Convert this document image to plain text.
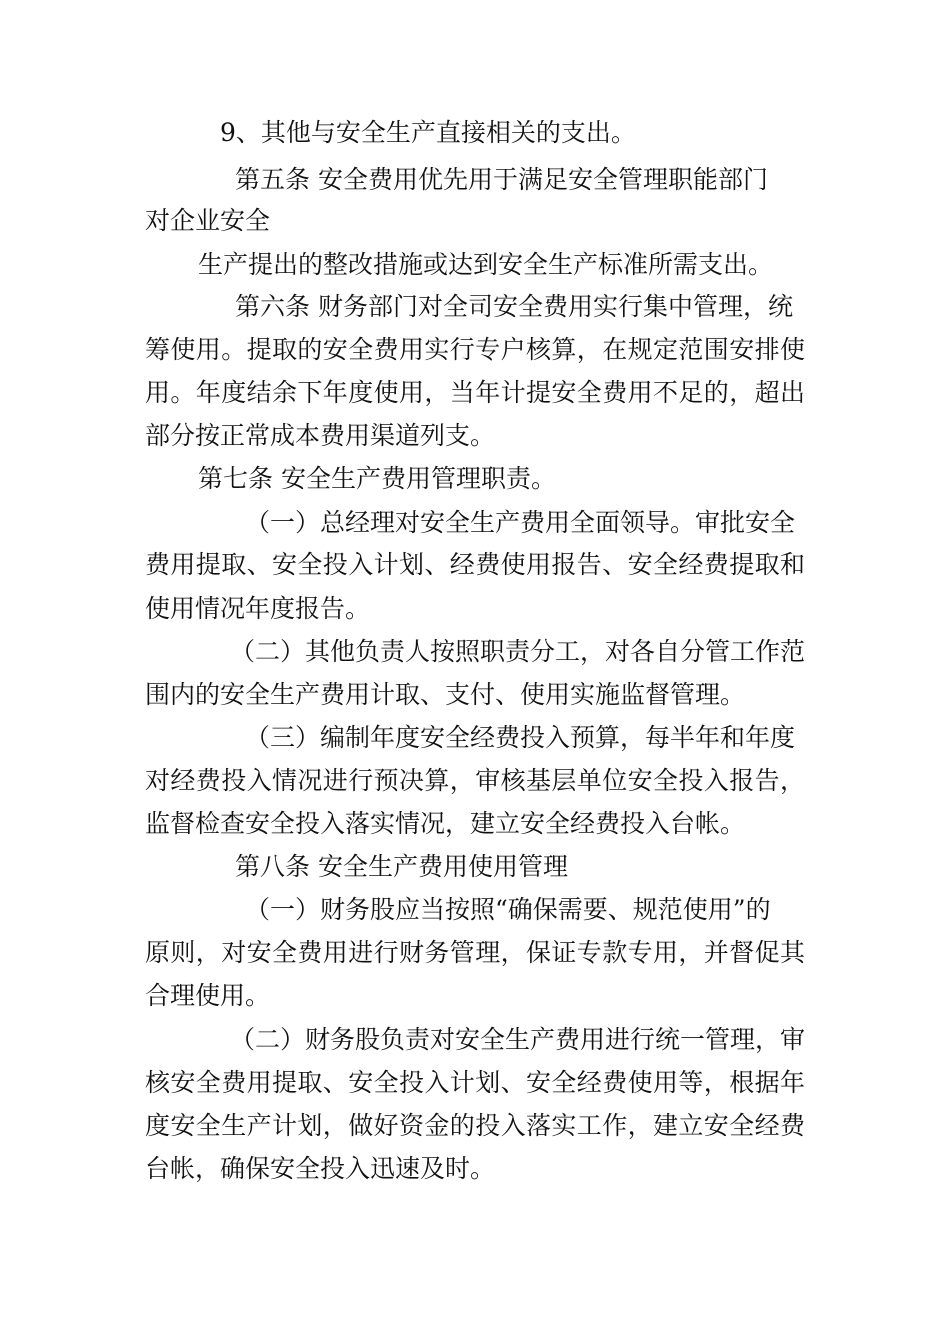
9、其他与安全生产直接相关的支出。
第五条 安全费用优先用于满足安全管理职能部门
对企业安全
生产提出的整改措施或达到安全生产标准所需支出。
第六条 财务部门对全司安全费用实行集中管理，统
筹使用。提取的安全费用实行专户核算，在规定范围安排使
用。年度结余下年度使用，当年计提安全费用不足的，超出
部分按正常成本费用渠道列支。
第七条 安全生产费用管理职责。
（一）总经理对安全生产费用全面领导。审批安全
费用提取、安全投入计划、经费使用报告、安全经费提取和
使用情况年度报告。
（二）其他负责人按照职责分工，对各自分管工作范
围内的安全生产费用计取、支付、使用实施监督管理。
（三）编制年度安全经费投入预算，每半年和年度
对经费投入情况进行预决算，审核基层单位安全投入报告，
监督检查安全投入落实情况，建立安全经费投入台帐。
第八条 安全生产费用使用管理
（一）财务股应当按照“确保需要、规范使用”的
原则，对安全费用进行财务管理，保证专款专用，并督促其
合理使用。
（二）财务股负责对安全生产费用进行统一管理，审
核安全费用提取、安全投入计划、安全经费使用等，根据年
度安全生产计划，做好资金的投入落实工作，建立安全经费
台帐，确保安全投入迅速及时。
